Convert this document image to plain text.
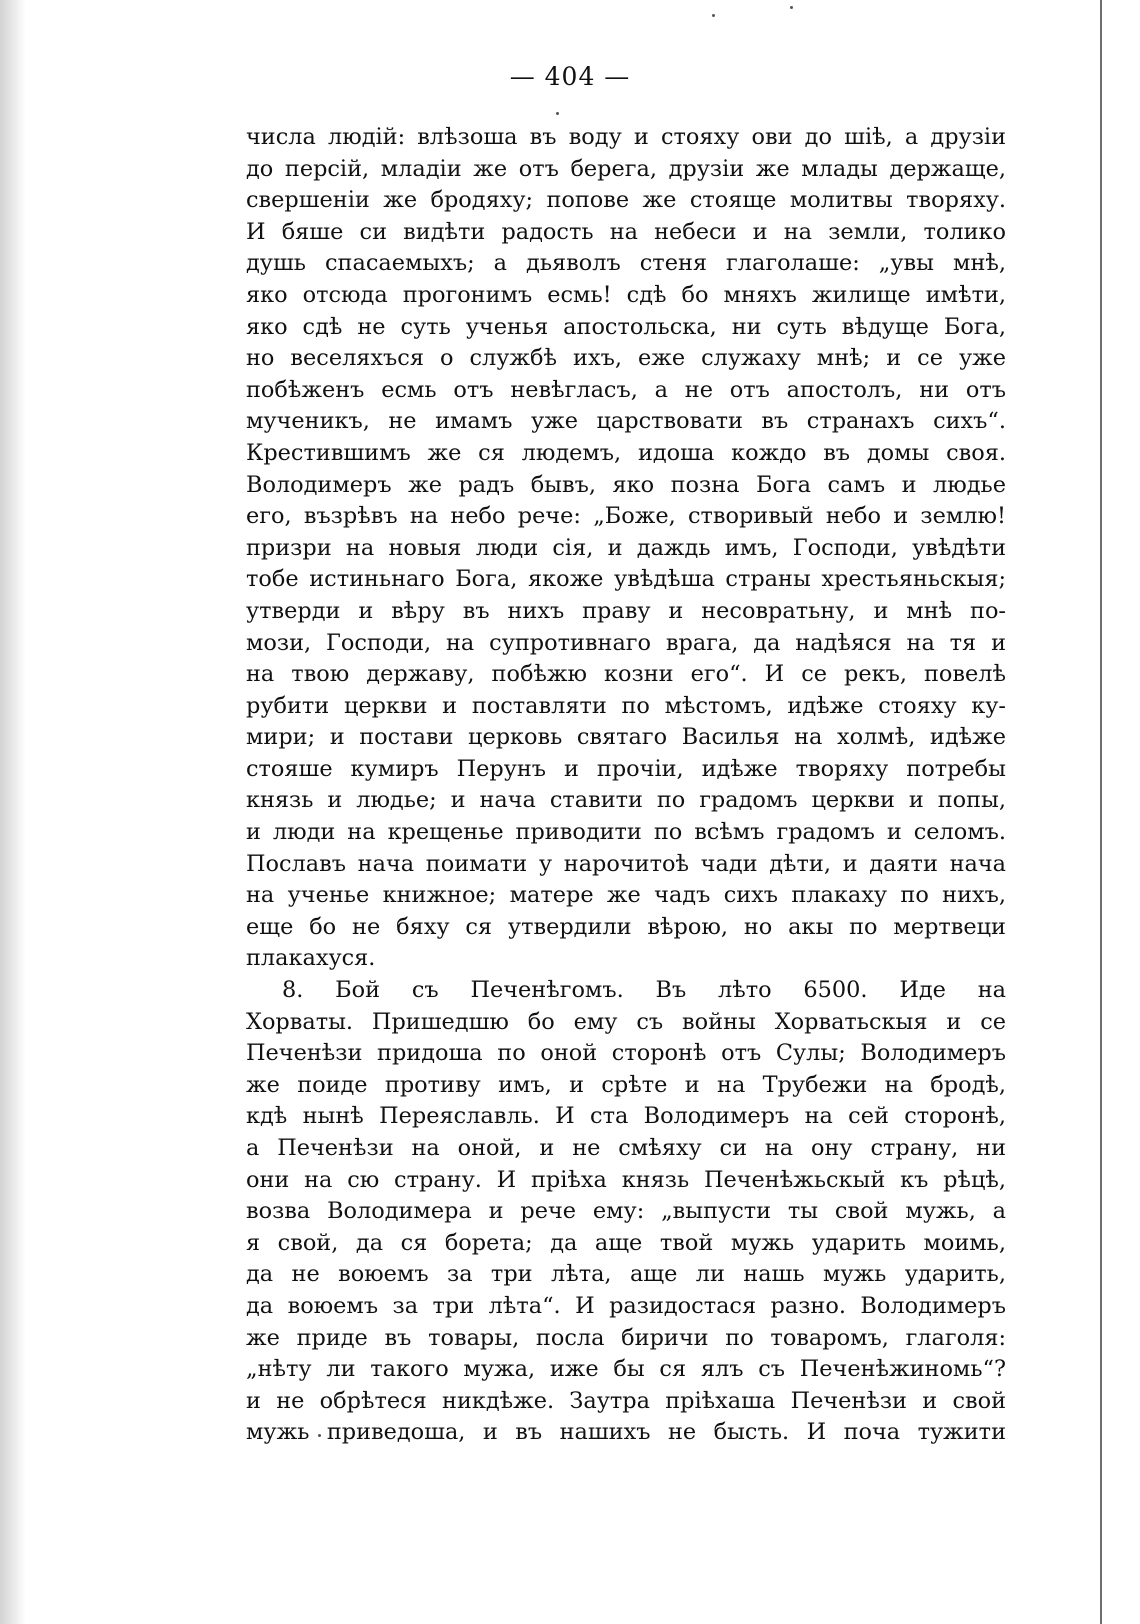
— 404 —
числа людій: влѣзоша въ воду и стояху ови до шіѣ, а друзіи
до персій, младіи же отъ берега, друзіи же млады держаще,
свершеніи же бродяху; попове же стояще молитвы творяху.
И бяше си видѣти радость на небеси и на земли, толико
душь спасаемыхъ; а дьяволъ стеня глаголаше: „увы мнѣ,
яко отсюда прогонимъ есмь! сдѣ бо мняхъ жилище имѣти,
яко сдѣ не суть ученья апостольска, ни суть вѣдуще Бога,
но веселяхъся о службѣ ихъ, еже служаху мнѣ; и се уже
побѣженъ есмь отъ невѣгласъ, а не отъ апостолъ, ни отъ
мученикъ, не имамъ уже царствовати въ странахъ сихъ“.
Крестившимъ же ся людемъ, идоша кождо въ домы своя.
Володимеръ же радъ бывъ, яко позна Бога самъ и людье
его, възрѣвъ на небо рече: „Боже, створивый небо и землю!
призри на новыя люди сія, и даждь имъ, Господи, увѣдѣти
тобе истиньнаго Бога, якоже увѣдѣша страны хрестьяньскыя;
утверди и вѣру въ нихъ праву и несовратьну, и мнѣ по-
мози, Господи, на супротивнаго врага, да надѣяся на тя и
на твою державу, побѣжю козни его“. И се рекъ, повелѣ
рубити церкви и поставляти по мѣстомъ, идѣже стояху ку-
мири; и постави церковь святаго Василья на холмѣ, идѣже
стояше кумиръ Перунъ и прочіи, идѣже творяху потребы
князь и людье; и нача ставити по градомъ церкви и попы,
и люди на крещенье приводити по всѣмъ градомъ и селомъ.
Пославъ нача поимати у нарочитоѣ чади дѣти, и даяти нача
на ученье книжное; матере же чадъ сихъ плакаху по нихъ,
еще бо не бяху ся утвердили вѣрою, но акы по мертвеци
плакахуся.
8. Бой съ Печенѣгомъ. Въ лѣто 6500. Иде на
Хорваты. Пришедшю бо ему съ войны Хорватьскыя и се
Печенѣзи придоша по оной сторонѣ отъ Сулы; Володимеръ
же поиде противу имъ, и срѣте и на Трубежи на бродѣ,
кдѣ нынѣ Переяславль. И ста Володимеръ на сей сторонѣ,
а Печенѣзи на оной, и не смѣяху си на ону страну, ни
они на сю страну. И пріѣха князь Печенѣжьскый къ рѣцѣ,
возва Володимера и рече ему: „выпусти ты свой мужь, а
я свой, да ся борета; да аще твой мужь ударить моимь,
да не воюемъ за три лѣта, аще ли нашь мужь ударить,
да воюемъ за три лѣта“. И разидостася разно. Володимеръ
же приде въ товары, посла биричи по товаромъ, глаголя:
„нѣту ли такого мужа, иже бы ся ялъ съ Печенѣжиномь“?
и не обрѣтеся никдѣже. Заутра пріѣхаша Печенѣзи и свой
мужь приведоша, и въ нашихъ не бысть. И поча тужити
